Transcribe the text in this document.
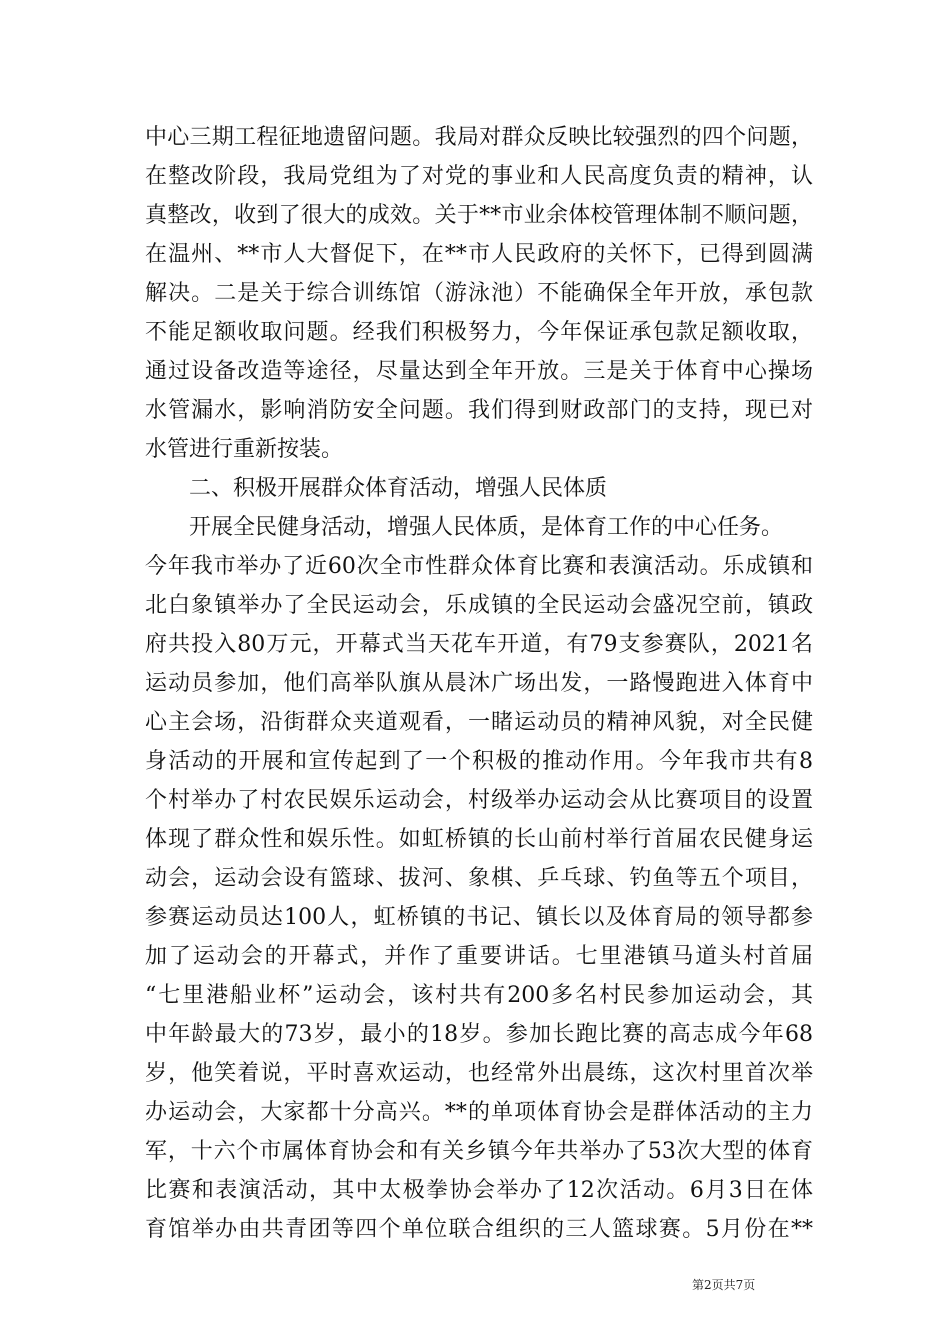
中心三期工程征地遗留问题。我局对群众反映比较强烈的四个问题，
在整改阶段，我局党组为了对党的事业和人民高度负责的精神，认
真整改，收到了很大的成效。关于**市业余体校管理体制不顺问题，
在温州、**市人大督促下，在**市人民政府的关怀下，已得到圆满
解决。二是关于综合训练馆（游泳池）不能确保全年开放，承包款
不能足额收取问题。经我们积极努力，今年保证承包款足额收取，
通过设备改造等途径，尽量达到全年开放。三是关于体育中心操场
水管漏水，影响消防安全问题。我们得到财政部门的支持，现已对
水管进行重新按装。
二、积极开展群众体育活动，增强人民体质
开展全民健身活动，增强人民体质，是体育工作的中心任务。
今年我市举办了近60次全市性群众体育比赛和表演活动。乐成镇和
北白象镇举办了全民运动会，乐成镇的全民运动会盛况空前，镇政
府共投入80万元，开幕式当天花车开道，有79支参赛队，2021名
运动员参加，他们高举队旗从晨沐广场出发，一路慢跑进入体育中
心主会场，沿街群众夹道观看，一睹运动员的精神风貌，对全民健
身活动的开展和宣传起到了一个积极的推动作用。今年我市共有8
个村举办了村农民娱乐运动会，村级举办运动会从比赛项目的设置
体现了群众性和娱乐性。如虹桥镇的长山前村举行首届农民健身运
动会，运动会设有篮球、拔河、象棋、乒乓球、钓鱼等五个项目，
参赛运动员达100人，虹桥镇的书记、镇长以及体育局的领导都参
加了运动会的开幕式，并作了重要讲话。七里港镇马道头村首届
“七里港船业杯”运动会，该村共有200多名村民参加运动会，其
中年龄最大的73岁，最小的18岁。参加长跑比赛的高志成今年68
岁，他笑着说，平时喜欢运动，也经常外出晨练，这次村里首次举
办运动会，大家都十分高兴。**的单项体育协会是群体活动的主力
军，十六个市属体育协会和有关乡镇今年共举办了53次大型的体育
比赛和表演活动，其中太极拳协会举办了12次活动。6月3日在体
育馆举办由共青团等四个单位联合组织的三人篮球赛。5月份在**
第2页共7页
